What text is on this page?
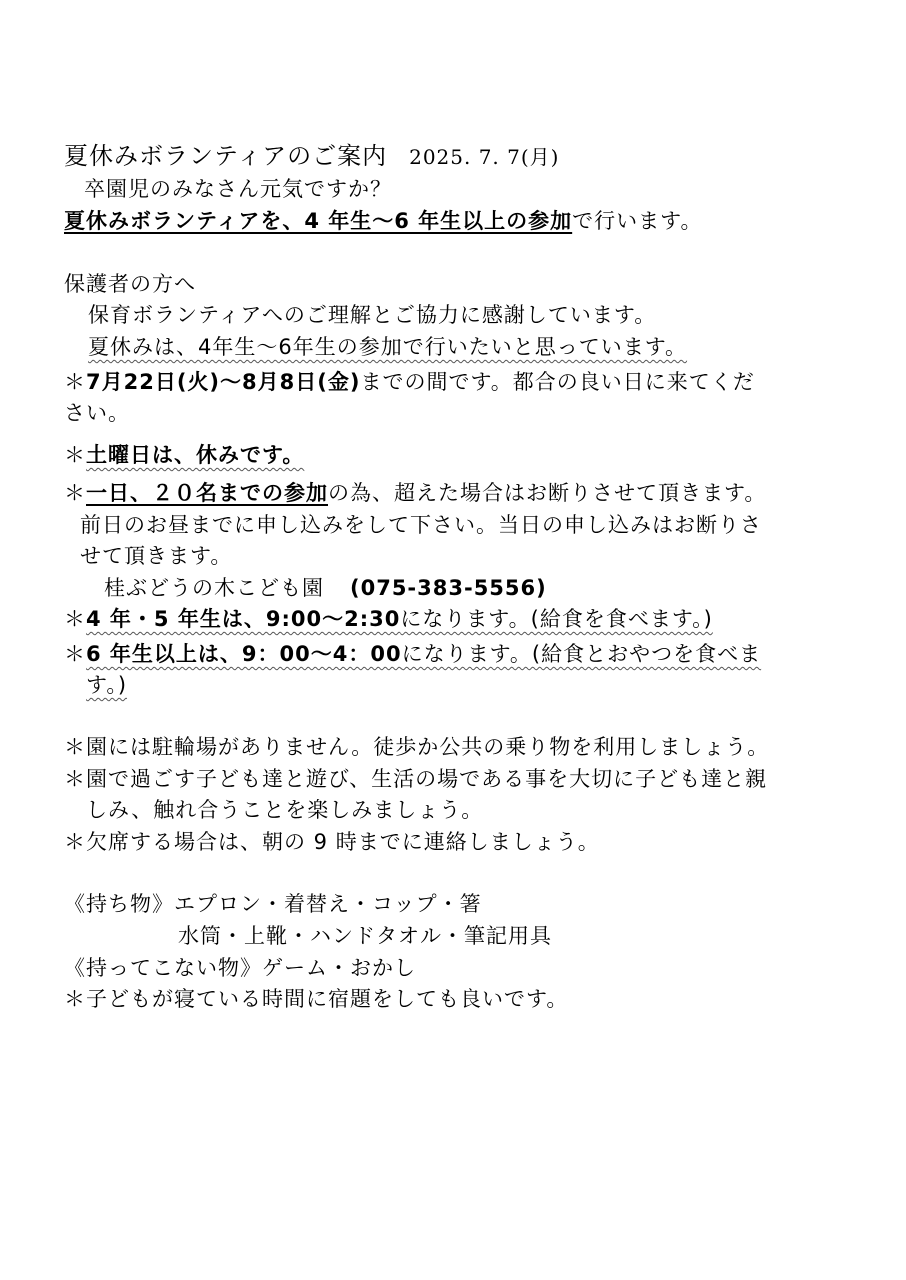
夏休みボランティアのご案内 2025. 7. 7(月)
卒園児のみなさん元気ですか？
夏休みボランティアを、4 年生～6 年生以上の参加で行います。
保護者の方へ
保育ボランティアへのご理解とご協力に感謝しています。
夏休みは、4年生～6年生の参加で行いたいと思っています。
＊7月22日(火)～8月8日(金)までの間です。都合の良い日に来てくだ
さい。
＊土曜日は、休みです。
＊一日、２０名までの参加の為、超えた場合はお断りさせて頂きます。
前日のお昼までに申し込みをして下さい。当日の申し込みはお断りさ
せて頂きます。
桂ぶどうの木こども園 (075-383-5556)
＊4 年・5 年生は、9:00～2:30になります。(給食を食べます。)
＊6 年生以上は、9：00～4：00になります。(給食とおやつを食べま
す。)
＊園には駐輪場がありません。徒歩か公共の乗り物を利用しましょう。
＊園で過ごす子ども達と遊び、生活の場である事を大切に子ども達と親
しみ、触れ合うことを楽しみましょう。
＊欠席する場合は、朝の 9 時までに連絡しましょう。
《持ち物》エプロン・着替え・コップ・箸
水筒・上靴・ハンドタオル・筆記用具
《持ってこない物》ゲーム・おかし
＊子どもが寝ている時間に宿題をしても良いです。
